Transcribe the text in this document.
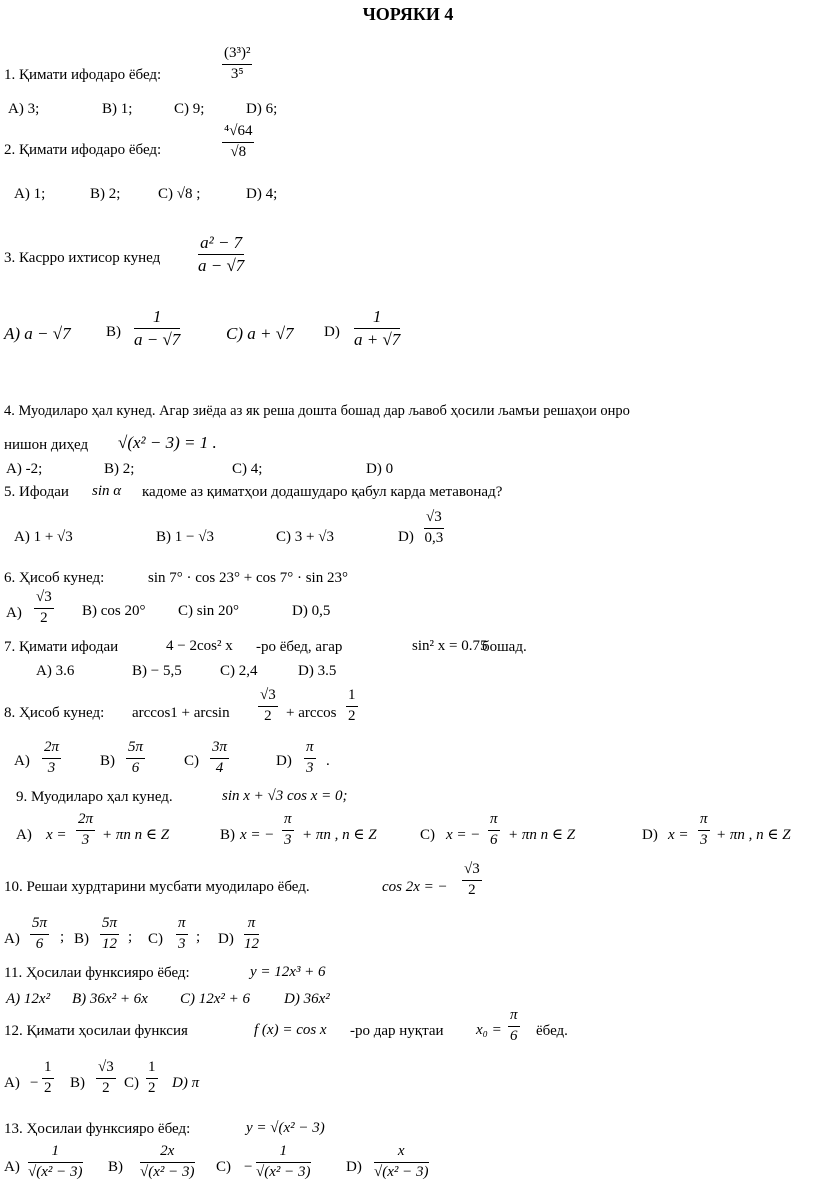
ЧОРЯКИ 4
1. Қимати ифодаро ёбед:	$\frac{\text{(3³)²}}{\text{3⁵}}$
A) 3;	B) 1;	C) 9;	D) 6;
2. Қимати ифодаро ёбед:	$\frac{\text{⁴√64}}{√8}$
A) 1;	B) 2;	C) √8 ;	D) 4;
3. Касрро ихтисор кунед $\frac{\text{a² − 7}}{a - √7}$
A) a − √7 $B) \frac{1}{a - √7}$	C) a + √7 $D) \frac{1}{a + √7}$
4. Муодиларо ҳал кунед. Агар зиёда аз як реша дошта бошад дар љавоб ҳосили љамъи решаҳои онро
нишон диҳед √(x² − 3) = 1 .
A) -2;	B) 2;	C) 4;	D) 0
5. Ифодаи sin α кадоме аз қиматҳои додашударо қабул карда метавонад?
A) 1 + √3	B) 1 − √3	C) 3 + √3	$D) \frac{√3}{0,3}$
6. Ҳисоб кунед:	sin 7° · cos 23° + cos 7° · sin 23°
$A) \frac{√3}{2} B$) cos 20° C) sin 20°	D) 0,5
7. Қимати ифодаи	4 − 2cos² x -ро ёбед, агар	sin² x = 0.75
бошад.
A) 3.6	B) − 5,5	C) 2,4	D) 3.5
8. Ҳисоб кунед: $\arccos 1 + \arcsin \frac{√3}{2} + \arccos \frac{1}{2}$
$A) \frac{2\pi}{3}$	$B) \frac{5\pi}{6}$	$C) \frac{3\pi}{4}$	$D) \frac{\pi}{3}$ .
9. Муодиларо ҳал кунед.	sin x + √3 cos x = 0;
A) $x = \frac{2\pi}{3} + \pi n$ n ∈ Z	B) x = − $\frac{\pi}{3} + \pi n$ , n ∈ Z	C) x = − $\frac{\pi}{6} + \pi n$ n ∈ Z	D) $x = \frac{\pi}{3} + \pi n$ , n ∈ Z
10. Решаи хурдтарини мусбати муодиларо ёбед.	cos 2x = − $\frac{√3}{2}$
$A) \frac{5\pi}{6}$ ; $B) \frac{5\pi}{12}$ ; $C) \frac{\pi}{3}$ ; $D) \frac{\pi}{12}$
11. Ҳосилаи функсияро ёбед:	y = 12x³ + 6
A) 12x² B) 36x² + 6x C) 12x² + 6 D) 36x²
12. Қимати ҳосилаи функсия	f (x) = cos x -ро дар нуқтаи $x_0 = \frac{\pi}{6}$ ёбед.
$A) - \frac{1}{2} B) \frac{√3}{2} C) \frac{1}{2} D$) π
13. Ҳосилаи функсияро ёбед:	y = √(x² − 3)
$A) \frac{1}{\text{√(x² − 3)}} B) \frac{2x}{\text{√(x² − 3)}} C) - \frac{1}{\text{√(x² − 3)}} D) \frac{x}{\text{√(x² − 3)}}$
